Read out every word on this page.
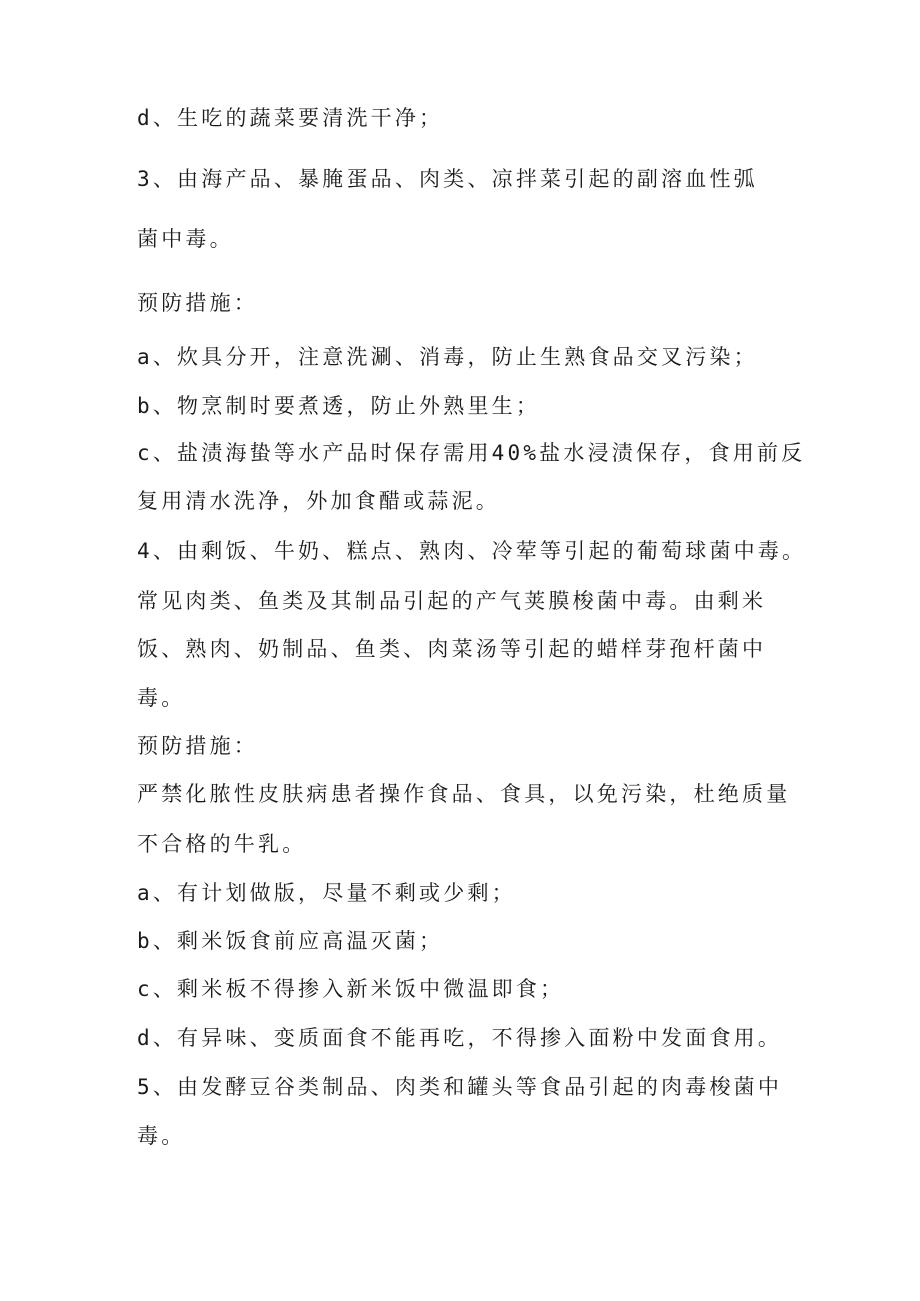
d、生吃的蔬菜要清洗干净；
3、由海产品、暴腌蛋品、肉类、凉拌菜引起的副溶血性弧
菌中毒。
预防措施：
a、炊具分开，注意洗涮、消毒，防止生熟食品交叉污染；
b、物烹制时要煮透，防止外熟里生；
c、盐渍海蛰等水产品时保存需用40%盐水浸渍保存，食用前反
复用清水洗净，外加食醋或蒜泥。
4、由剩饭、牛奶、糕点、熟肉、冷荤等引起的葡萄球菌中毒。
常见肉类、鱼类及其制品引起的产气荚膜梭菌中毒。由剩米
饭、熟肉、奶制品、鱼类、肉菜汤等引起的蜡样芽孢杆菌中
毒。
预防措施：
严禁化脓性皮肤病患者操作食品、食具，以免污染，杜绝质量
不合格的牛乳。
a、有计划做版，尽量不剩或少剩；
b、剩米饭食前应高温灭菌；
c、剩米板不得掺入新米饭中微温即食；
d、有异味、变质面食不能再吃，不得掺入面粉中发面食用。
5、由发酵豆谷类制品、肉类和罐头等食品引起的肉毒梭菌中
毒。
